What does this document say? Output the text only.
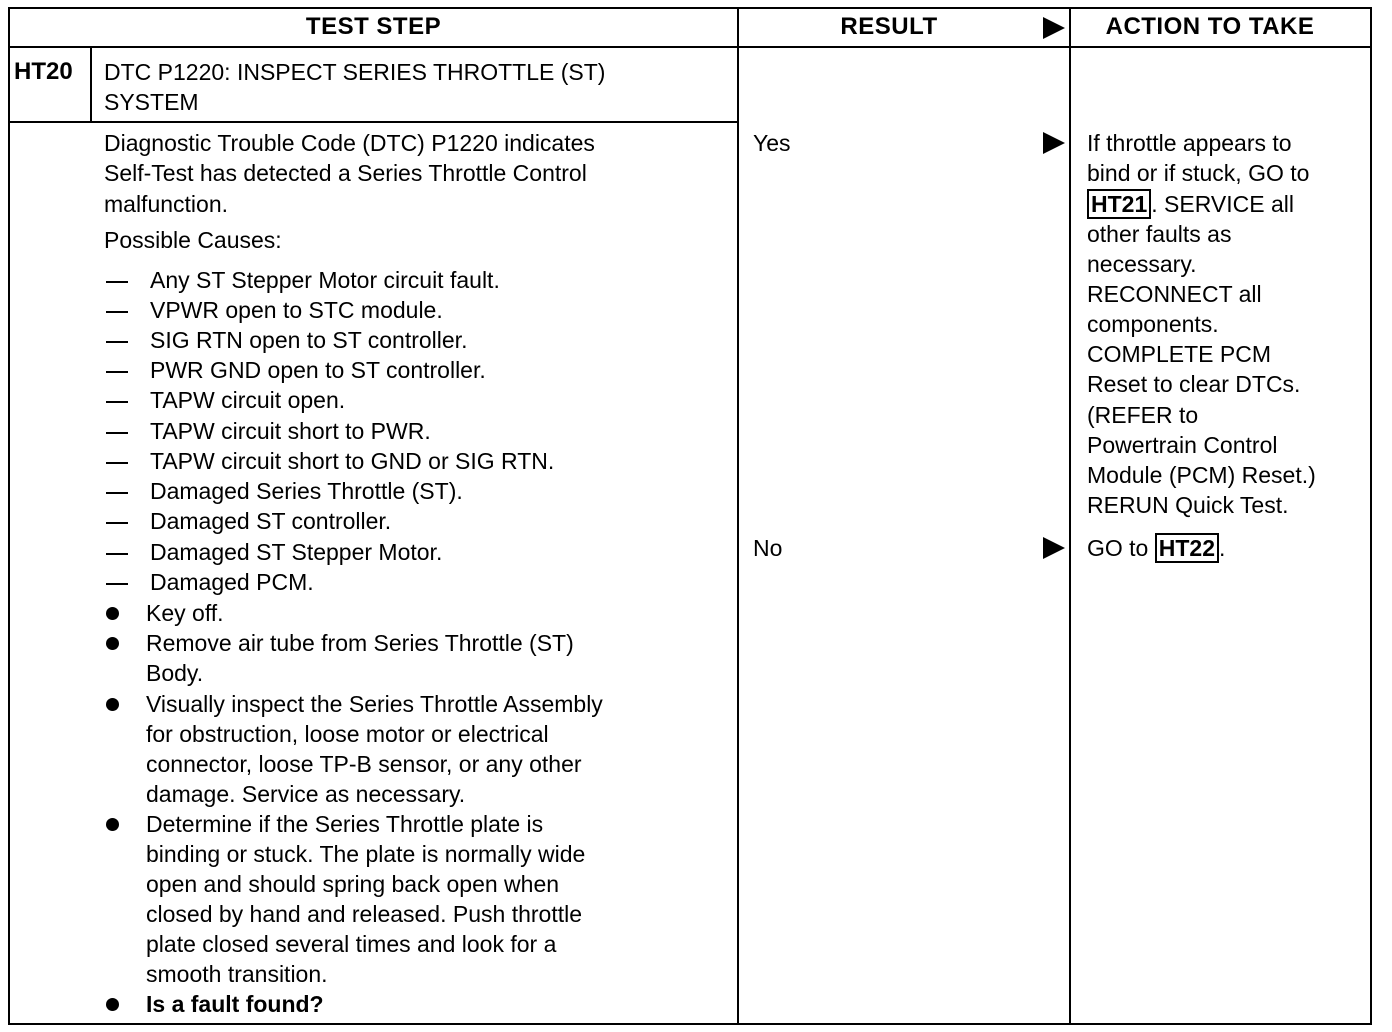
TEST STEP	RESULT	ACTION TO TAKE
HT20 DTC P1220: INSPECT SERIES THROTTLE (ST)
SYSTEM
Diagnostic Trouble Code (DTC) P1220 indicates
Self-Test has detected a Series Throttle Control
malfunction.
Possible Causes:
Any ST Stepper Motor circuit fault.
VPWR open to STC module.
SIG RTN open to ST controller.
PWR GND open to ST controller.
TAPW circuit open.
TAPW circuit short to PWR.
TAPW circuit short to GND or SIG RTN.
Damaged Series Throttle (ST).
Damaged ST controller.
Damaged ST Stepper Motor.
Damaged PCM.
Key off.
Remove air tube from Series Throttle (ST)
Body.
Visually inspect the Series Throttle Assembly
for obstruction, loose motor or electrical
connector, loose TP-B sensor, or any other
damage. Service as necessary.
Determine if the Series Throttle plate is
binding or stuck. The plate is normally wide
open and should spring back open when
closed by hand and released. Push throttle
plate closed several times and look for a
smooth transition.
Is a fault found?
Yes
No
If throttle appears to
bind or if stuck, GO to
HT21 . SERVICE all
other faults as
necessary.
RECONNECT all
components.
COMPLETE PCM
Reset to clear DTCs.
(REFER to
Powertrain Control
Module (PCM) Reset.)
RERUN Quick Test.
GO to HT22 .
